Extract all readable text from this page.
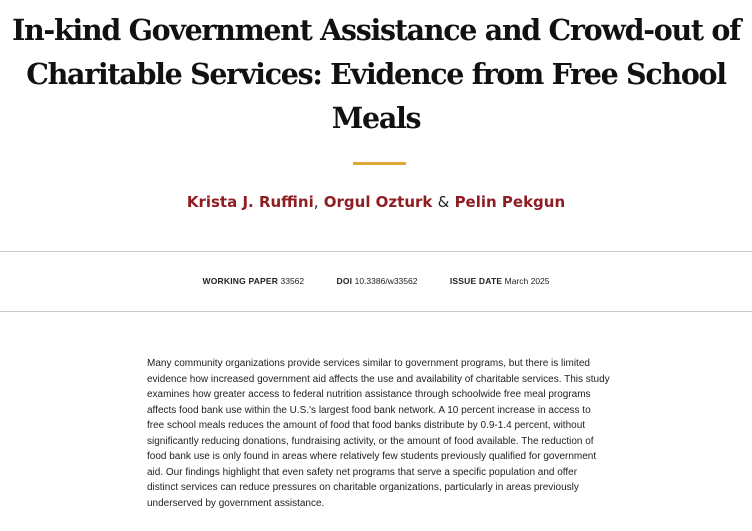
In-kind Government Assistance and Crowd-out of Charitable Services: Evidence from Free School Meals
Krista J. Ruffini, Orgul Ozturk & Pelin Pekgun
WORKING PAPER 33562	DOI 10.3386/w33562	ISSUE DATE March 2025

Many community organizations provide services similar to government programs, but there is limited evidence how increased government aid affects the use and availability of charitable services. This study examines how greater access to federal nutrition assistance through schoolwide free meal programs affects food bank use within the U.S.'s largest food bank network. A 10 percent increase in access to free school meals reduces the amount of food that food banks distribute by 0.9-1.4 percent, without significantly reducing donations, fundraising activity, or the amount of food available. The reduction of food bank use is only found in areas where relatively few students previously qualified for government aid. Our findings highlight that even safety net programs that serve a specific population and offer distinct services can reduce pressures on charitable organizations, particularly in areas previously underserved by government assistance.
